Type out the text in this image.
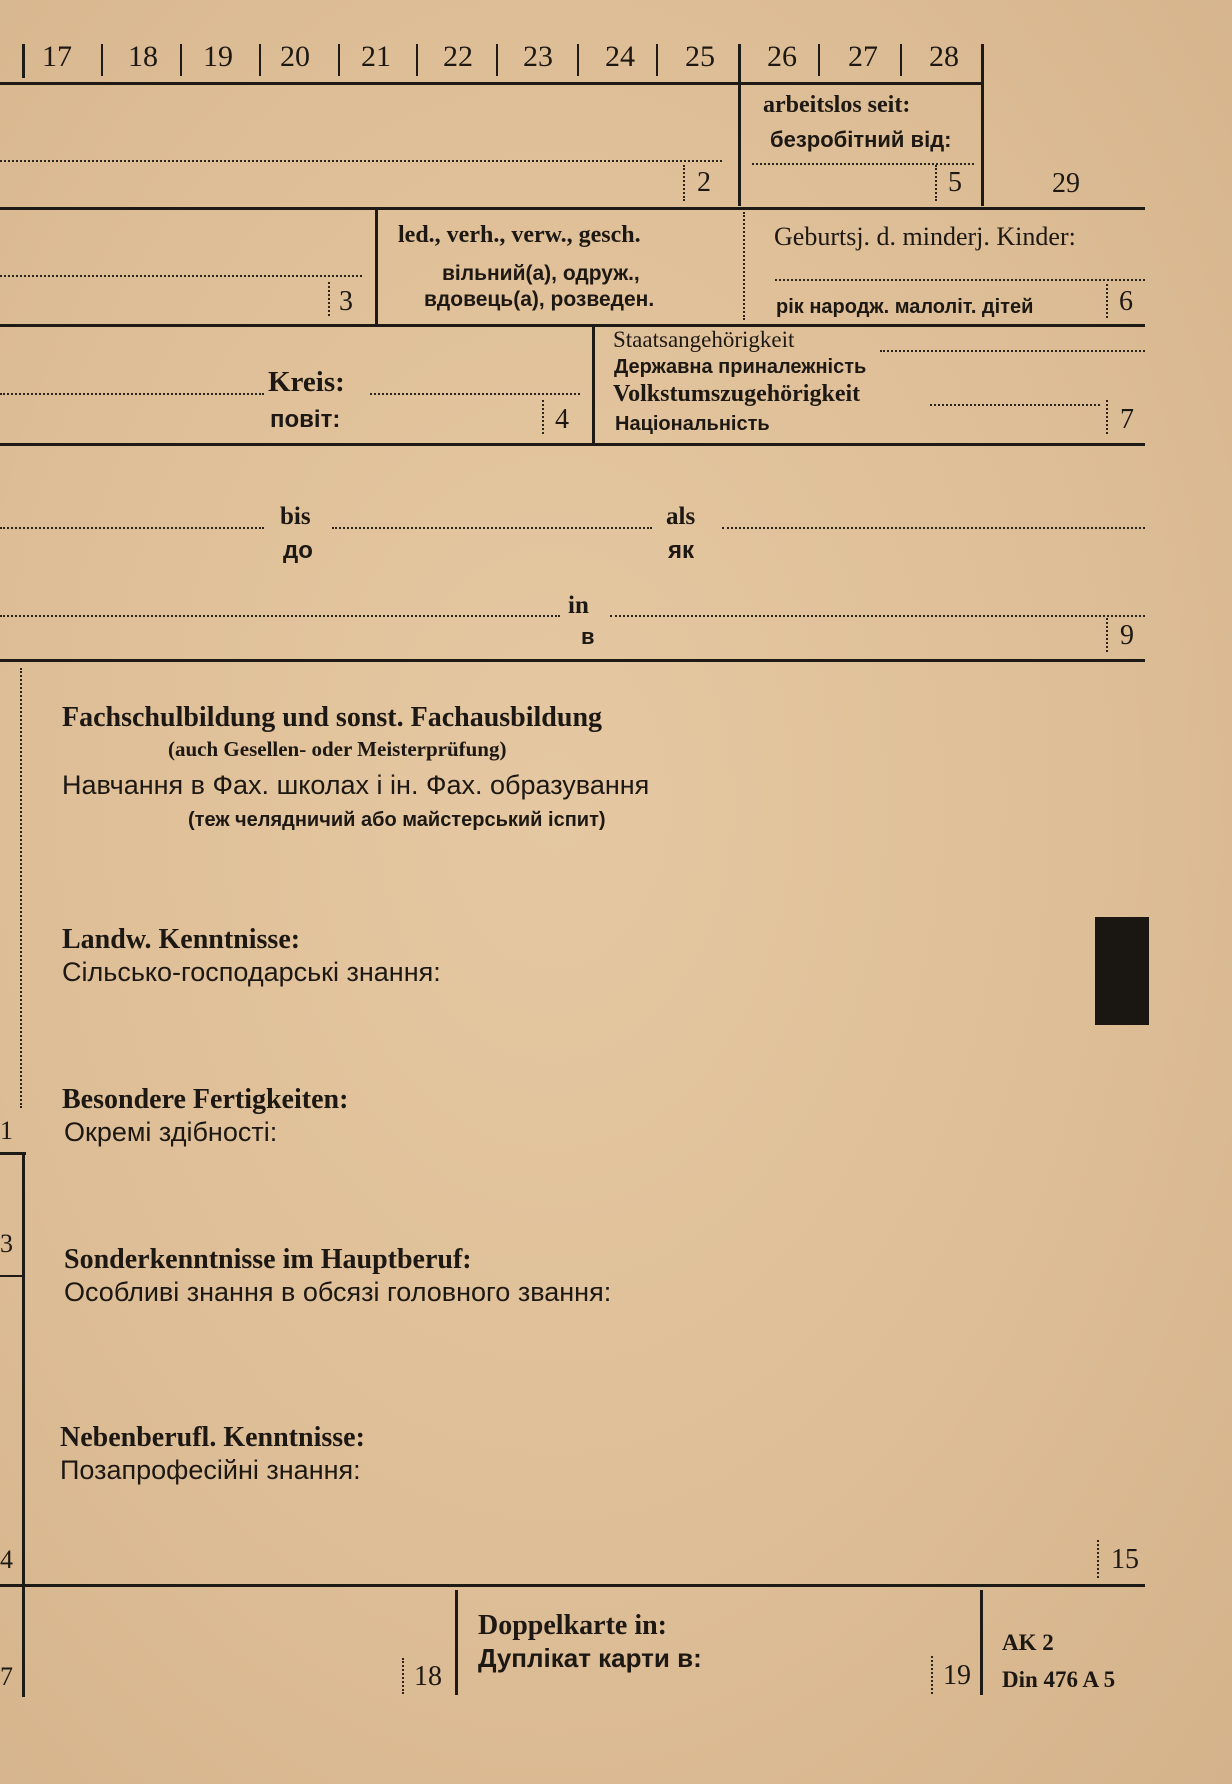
17	18	19	20	21	22	23	24	25	26	27	28
2
arbeitslos seit:
безробітний від:
5	29
3
led., verh., verw., gesch.
вільний(а), одруж.,
вдовець(а), розведен.
Geburtsj. d. minderj. Kinder:
рік народж. малоліт. дітей	6
Kreis:
повіт:	4
Staatsangehörigkeit
Державна приналежність
Volkstumszugehörigkeit
Національність	7
bis
до
als
як
in
в	9
1
3
4
7
Fachschulbildung und sonst. Fachausbildung
(auch Gesellen- oder Meisterprüfung)
Навчання в Фах. школах і ін. Фах. образування
(теж челядничий або майстерський іспит)
Landw. Kenntnisse:
Сільсько-господарські знання:
Besondere Fertigkeiten:
Окремі здібності:
Sonderkenntnisse im Hauptberuf:
Особливі знання в обсязі головного звання:
Nebenberufl. Kenntnisse:
Позапрофесійні знання:
15
18
Doppelkarte in:
Дуплікат карти в:
19
AK 2
Din 476 A 5
